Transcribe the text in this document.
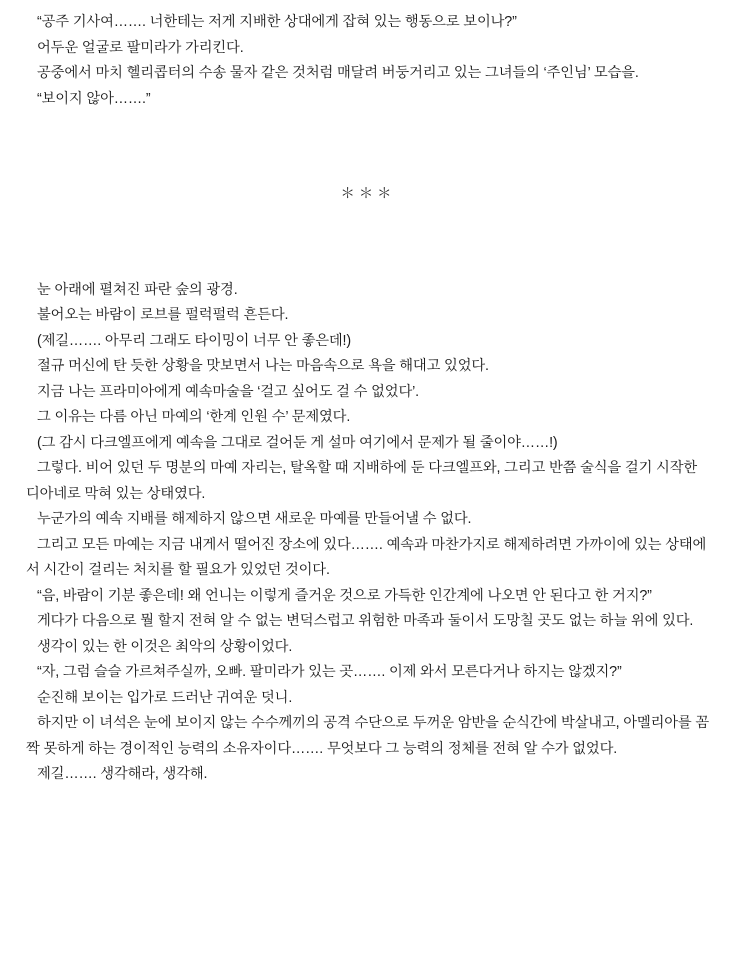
“공주 기사여……. 너한테는 저게 지배한 상대에게 잡혀 있는 행동으로 보이나?”

어두운 얼굴로 팔미라가 가리킨다.

공중에서 마치 헬리콥터의 수송 물자 같은 것처럼 매달려 버둥거리고 있는 그녀들의 ‘주인님’ 모습을.

“보이지 않아…….”

＊＊＊

눈 아래에 펼쳐진 파란 숲의 광경.

불어오는 바람이 로브를 펄럭펄럭 흔든다.

(제길……. 아무리 그래도 타이밍이 너무 안 좋은데!)

절규 머신에 탄 듯한 상황을 맛보면서 나는 마음속으로 욕을 해대고 있었다.

지금 나는 프라미아에게 예속마술을 ‘걸고 싶어도 걸 수 없었다’.

그 이유는 다름 아닌 마예의 ‘한계 인원 수’ 문제였다.

(그 감시 다크엘프에게 예속을 그대로 걸어둔 게 설마 여기에서 문제가 될 줄이야……!)

그렇다. 비어 있던 두 명분의 마예 자리는, 탈옥할 때 지배하에 둔 다크엘프와, 그리고 반쯤 술식을 걸기 시작한 디아네로 막혀 있는 상태였다.

누군가의 예속 지배를 해제하지 않으면 새로운 마예를 만들어낼 수 없다.

그리고 모든 마예는 지금 내게서 떨어진 장소에 있다……. 예속과 마찬가지로 해제하려면 가까이에 있는 상태에서 시간이 걸리는 처치를 할 필요가 있었던 것이다.

“음, 바람이 기분 좋은데! 왜 언니는 이렇게 즐거운 것으로 가득한 인간계에 나오면 안 된다고 한 거지?”

게다가 다음으로 뭘 할지 전혀 알 수 없는 변덕스럽고 위험한 마족과 둘이서 도망칠 곳도 없는 하늘 위에 있다.

생각이 있는 한 이것은 최악의 상황이었다.

“자, 그럼 슬슬 가르쳐주실까, 오빠. 팔미라가 있는 곳……. 이제 와서 모른다거나 하지는 않겠지?”

순진해 보이는 입가로 드러난 귀여운 덧니.

하지만 이 녀석은 눈에 보이지 않는 수수께끼의 공격 수단으로 두꺼운 암반을 순식간에 박살내고, 아멜리아를 꼼짝 못하게 하는 경이적인 능력의 소유자이다……. 무엇보다 그 능력의 정체를 전혀 알 수가 없었다.

제길……. 생각해라, 생각해.
